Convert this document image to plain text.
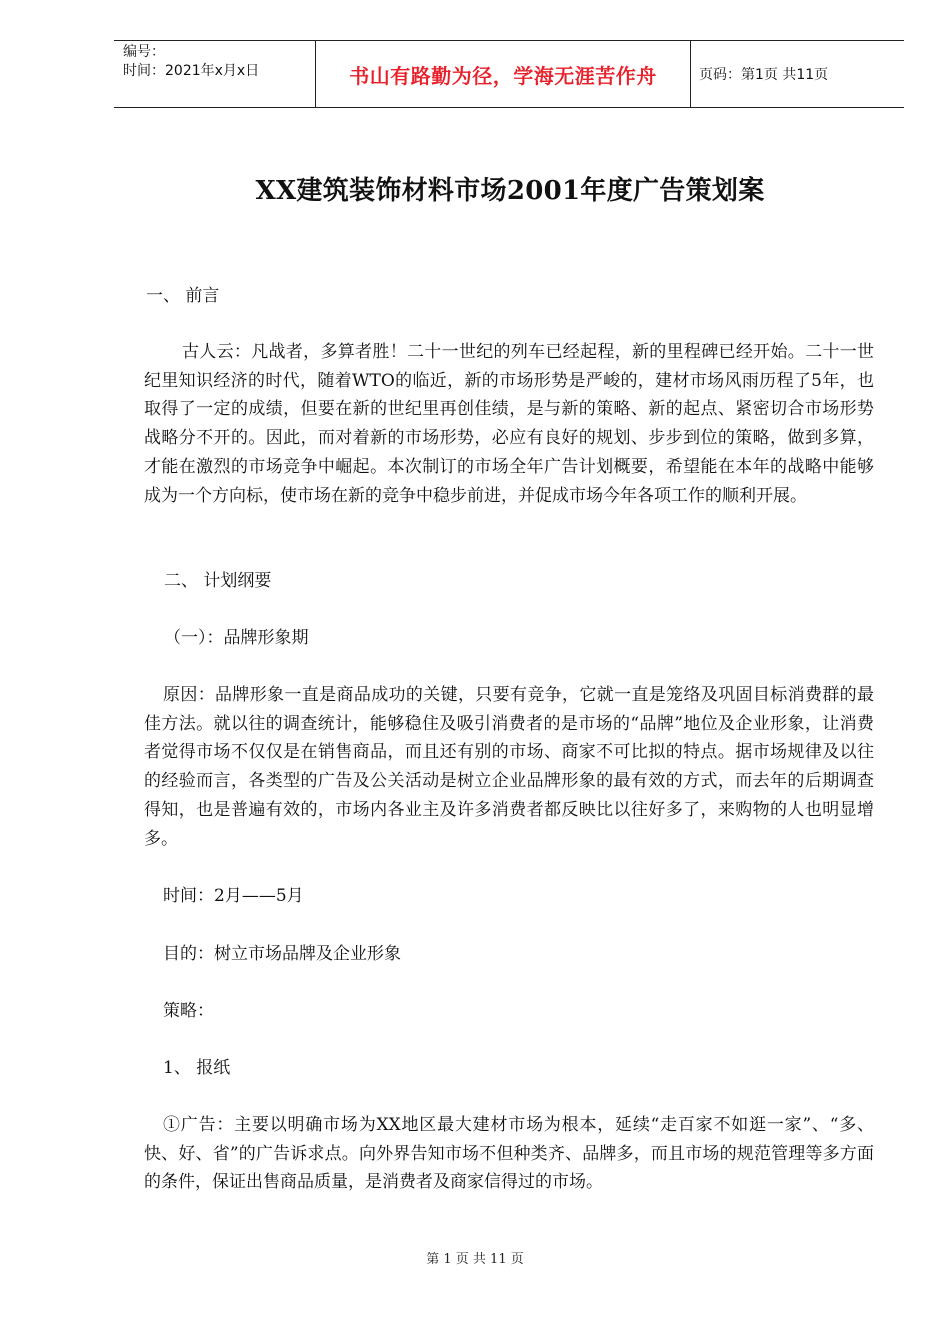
编号：
时间：2021年x月x日	书山有路勤为径，学海无涯苦作舟	页码：第1页 共11页
XX建筑装饰材料市场2001年度广告策划案

一、 前言

古人云：凡战者，多算者胜！二十一世纪的列车已经起程，新的里程碑已经开始。二十一世纪里知识经济的时代，随着WTO的临近，新的市场形势是严峻的，建材市场风雨历程了5年，也取得了一定的成绩，但要在新的世纪里再创佳绩，是与新的策略、新的起点、紧密切合市场形势战略分不开的。因此，而对着新的市场形势，必应有良好的规划、步步到位的策略，做到多算，才能在激烈的市场竞争中崛起。本次制订的市场全年广告计划概要，希望能在本年的战略中能够成为一个方向标，使市场在新的竞争中稳步前进，并促成市场今年各项工作的顺利开展。

二、 计划纲要

（一）：品牌形象期

原因：品牌形象一直是商品成功的关键，只要有竞争，它就一直是笼络及巩固目标消费群的最佳方法。就以往的调查统计，能够稳住及吸引消费者的是市场的“品牌”地位及企业形象，让消费者觉得市场不仅仅是在销售商品，而且还有别的市场、商家不可比拟的特点。据市场规律及以往的经验而言，各类型的广告及公关活动是树立企业品牌形象的最有效的方式，而去年的后期调查得知，也是普遍有效的，市场内各业主及许多消费者都反映比以往好多了，来购物的人也明显增多。

时间：2月——5月

目的：树立市场品牌及企业形象

策略：

1、 报纸

①广告：主要以明确市场为XX地区最大建材市场为根本，延续“走百家不如逛一家”、“多、快、好、省”的广告诉求点。向外界告知市场不但种类齐、品牌多，而且市场的规范管理等多方面的条件，保证出售商品质量，是消费者及商家信得过的市场。

第 1 页 共 11 页
